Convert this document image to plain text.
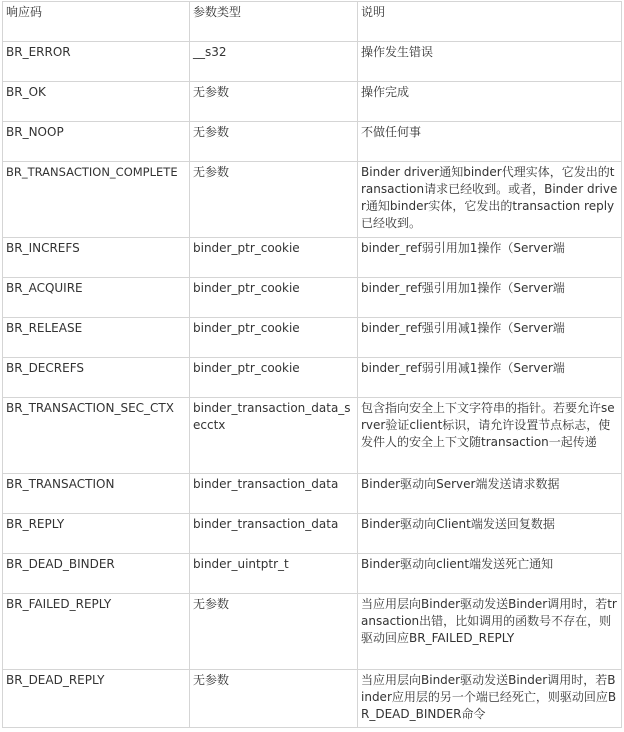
响应码	参数类型	说明
BR_ERROR	__s32	操作发生错误
BR_OK	无参数	操作完成
BR_NOOP	无参数	不做任何事
BR_TRANSACTION_COMPLETE	无参数	Binder driver通知binder代理实体，它发出的transaction请求已经收到。或者，Binder driver通知binder实体，它发出的transaction reply已经收到。
BR_INCREFS	binder_ptr_cookie	binder_ref弱引用加1操作（Server端
BR_ACQUIRE	binder_ptr_cookie	binder_ref强引用加1操作（Server端
BR_RELEASE	binder_ptr_cookie	binder_ref强引用减1操作（Server端
BR_DECREFS	binder_ptr_cookie	binder_ref弱引用减1操作（Server端
BR_TRANSACTION_SEC_CTX	binder_transaction_data_secctx	包含指向安全上下文字符串的指针。若要允许server验证client标识，请允许设置节点标志，使发件人的安全上下文随transaction一起传递
BR_TRANSACTION	binder_transaction_data	Binder驱动向Server端发送请求数据
BR_REPLY	binder_transaction_data	Binder驱动向Client端发送回复数据
BR_DEAD_BINDER	binder_uintptr_t	Binder驱动向client端发送死亡通知
BR_FAILED_REPLY	无参数	当应用层向Binder驱动发送Binder调用时，若transaction出错，比如调用的函数号不存在，则驱动回应BR_FAILED_REPLY
BR_DEAD_REPLY	无参数	当应用层向Binder驱动发送Binder调用时，若Binder应用层的另一个端已经死亡，则驱动回应BR_DEAD_BINDER命令
